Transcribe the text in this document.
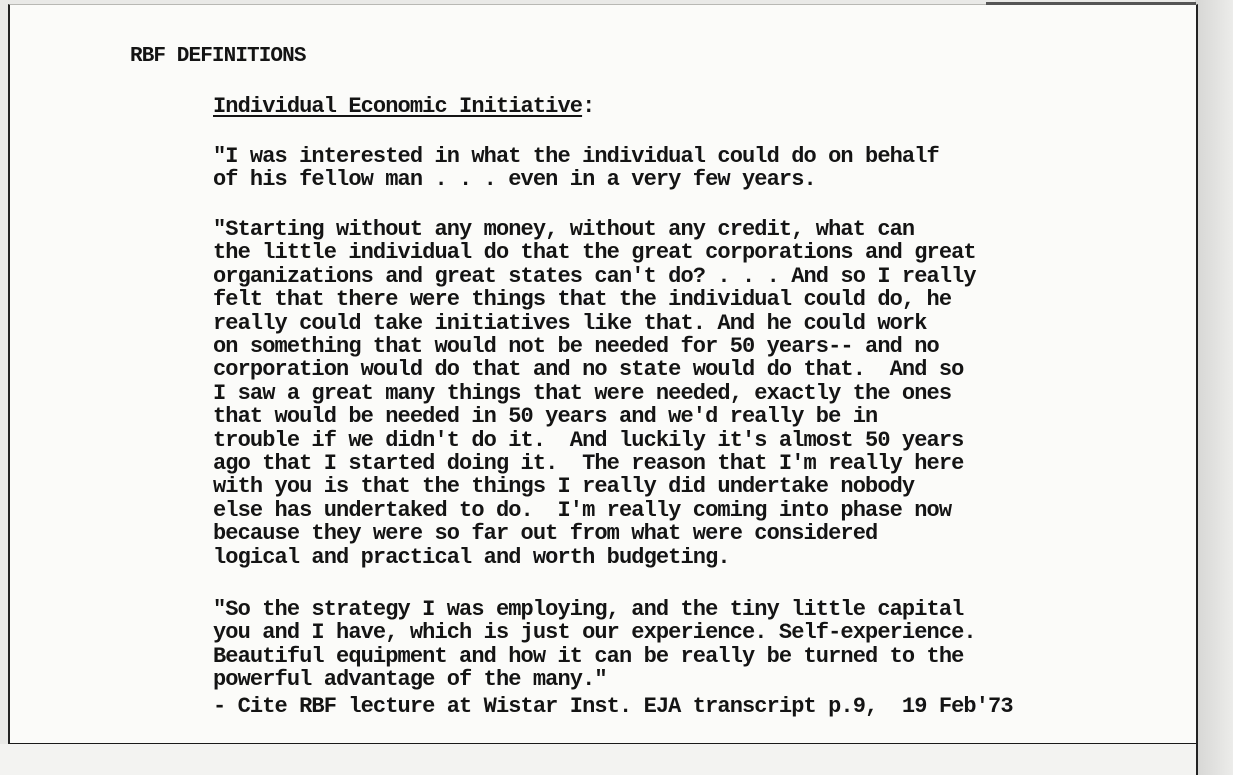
RBF DEFINITIONS
Individual Economic Initiative:
"I was interested in what the individual could do on behalf
of his fellow man . . . even in a very few years.
"Starting without any money, without any credit, what can
the little individual do that the great corporations and great
organizations and great states can't do? . . . And so I really
felt that there were things that the individual could do, he
really could take initiatives like that. And he could work
on something that would not be needed for 50 years-- and no
corporation would do that and no state would do that.  And so
I saw a great many things that were needed, exactly the ones
that would be needed in 50 years and we'd really be in
trouble if we didn't do it.  And luckily it's almost 50 years
ago that I started doing it.  The reason that I'm really here
with you is that the things I really did undertake nobody
else has undertaked to do.  I'm really coming into phase now
because they were so far out from what were considered
logical and practical and worth budgeting.
"So the strategy I was employing, and the tiny little capital
you and I have, which is just our experience. Self-experience.
Beautiful equipment and how it can be really be turned to the
powerful advantage of the many."
- Cite RBF lecture at Wistar Inst. EJA transcript p.9,  19 Feb'73
